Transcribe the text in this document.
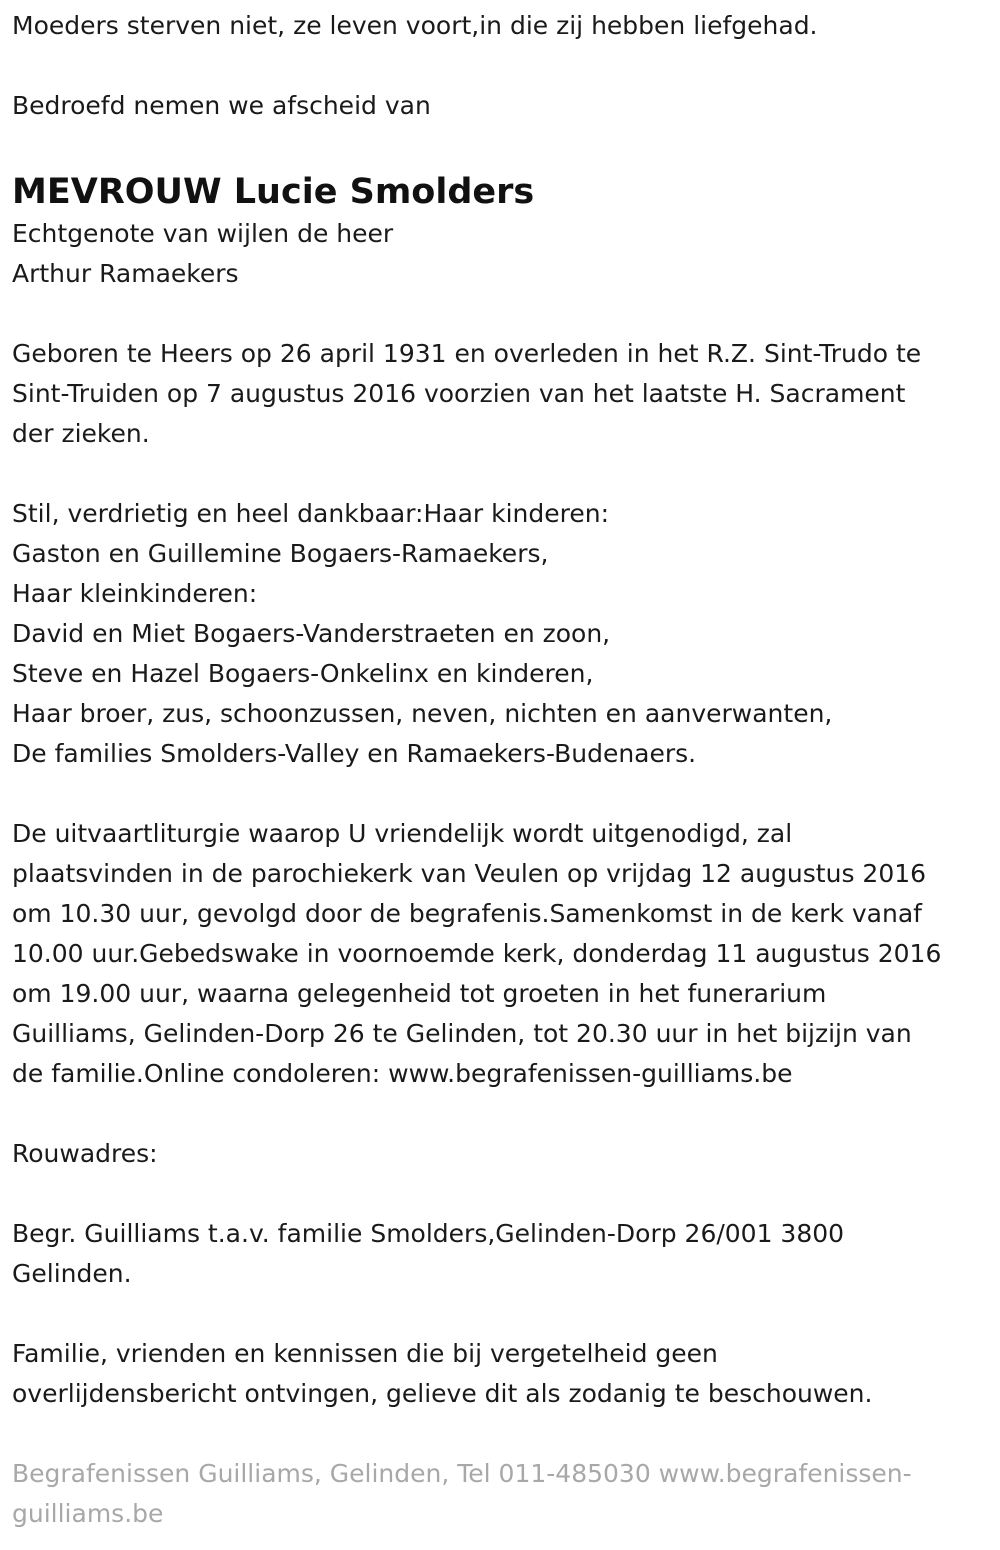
Moeders sterven niet, ze leven voort,in die zij hebben liefgehad.

Bedroefd nemen we afscheid van

MEVROUW Lucie Smolders

Echtgenote van wijlen de heer

Arthur Ramaekers

Geboren te Heers op 26 april 1931 en overleden in het R.Z. Sint-Trudo te

Sint-Truiden op 7 augustus 2016 voorzien van het laatste H. Sacrament

der zieken.

Stil, verdrietig en heel dankbaar:Haar kinderen:

Gaston en Guillemine Bogaers-Ramaekers,

Haar kleinkinderen:

David en Miet Bogaers-Vanderstraeten en zoon,

Steve en Hazel Bogaers-Onkelinx en kinderen,

Haar broer, zus, schoonzussen, neven, nichten en aanverwanten,

De families Smolders-Valley en Ramaekers-Budenaers.

De uitvaartliturgie waarop U vriendelijk wordt uitgenodigd, zal

plaatsvinden in de parochiekerk van Veulen op vrijdag 12 augustus 2016

om 10.30 uur, gevolgd door de begrafenis.Samenkomst in de kerk vanaf

10.00 uur.Gebedswake in voornoemde kerk, donderdag 11 augustus 2016

om 19.00 uur, waarna gelegenheid tot groeten in het funerarium

Guilliams, Gelinden-Dorp 26 te Gelinden, tot 20.30 uur in het bijzijn van

de familie.Online condoleren: www.begrafenissen-guilliams.be

Rouwadres:

Begr. Guilliams t.a.v. familie Smolders,Gelinden-Dorp 26/001 3800

Gelinden.

Familie, vrienden en kennissen die bij vergetelheid geen

overlijdensbericht ontvingen, gelieve dit als zodanig te beschouwen.

Begrafenissen Guilliams, Gelinden, Tel 011-485030 www.begrafenissen-

guilliams.be
